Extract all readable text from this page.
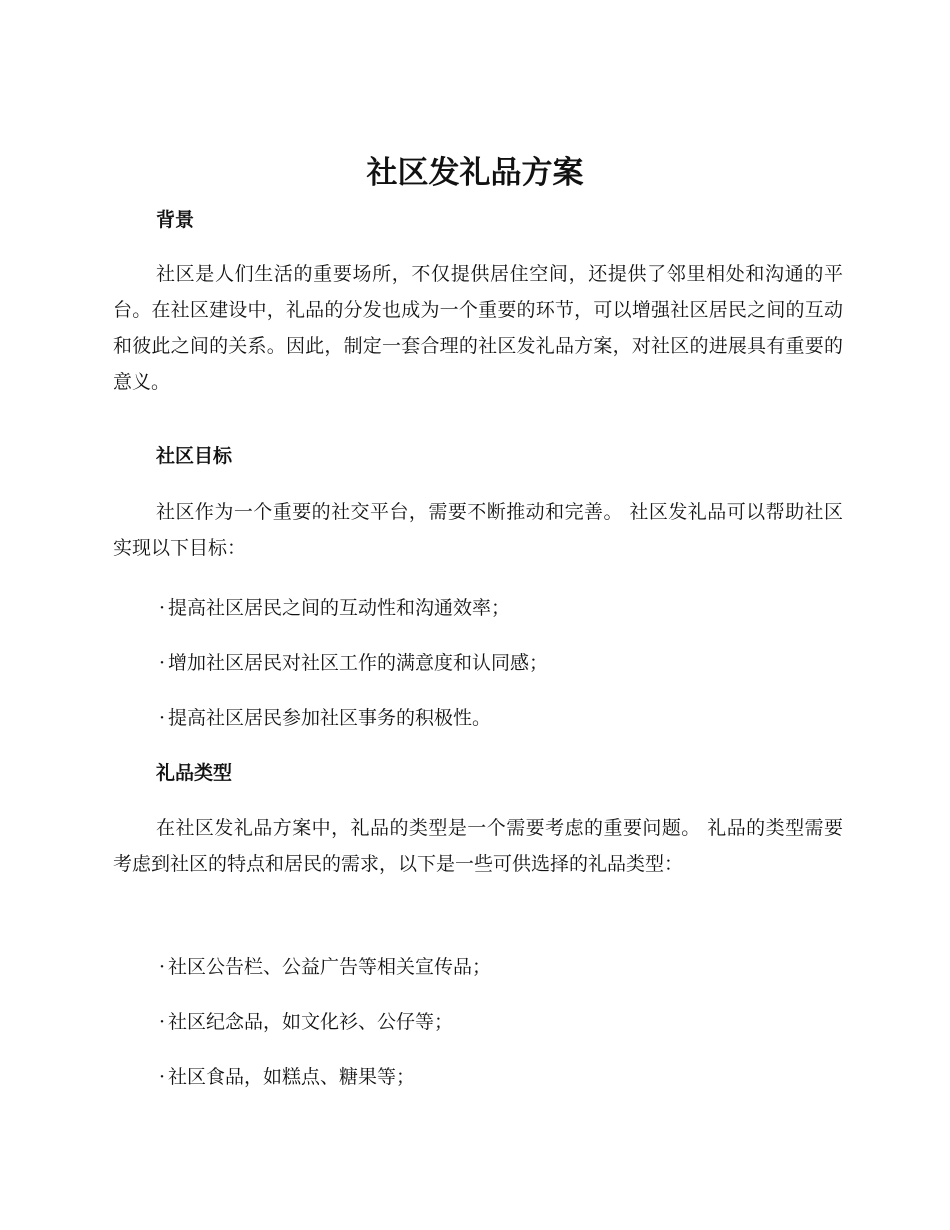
社区发礼品方案
背景

社区是人们生活的重要场所，不仅提供居住空间，还提供了邻里相处和沟通的平台。在社区建设中，礼品的分发也成为一个重要的环节，可以增强社区居民之间的互动和彼此之间的关系。因此，制定一套合理的社区发礼品方案，对社区的进展具有重要的意义。

社区目标

社区作为一个重要的社交平台，需要不断推动和完善。 社区发礼品可以帮助社区实现以下目标：

· 提高社区居民之间的互动性和沟通效率；
· 增加社区居民对社区工作的满意度和认同感；
· 提高社区居民参加社区事务的积极性。
礼品类型

在社区发礼品方案中，礼品的类型是一个需要考虑的重要问题。 礼品的类型需要考虑到社区的特点和居民的需求，以下是一些可供选择的礼品类型：

· 社区公告栏、公益广告等相关宣传品；
· 社区纪念品，如文化衫、公仔等；
· 社区食品，如糕点、糖果等；
